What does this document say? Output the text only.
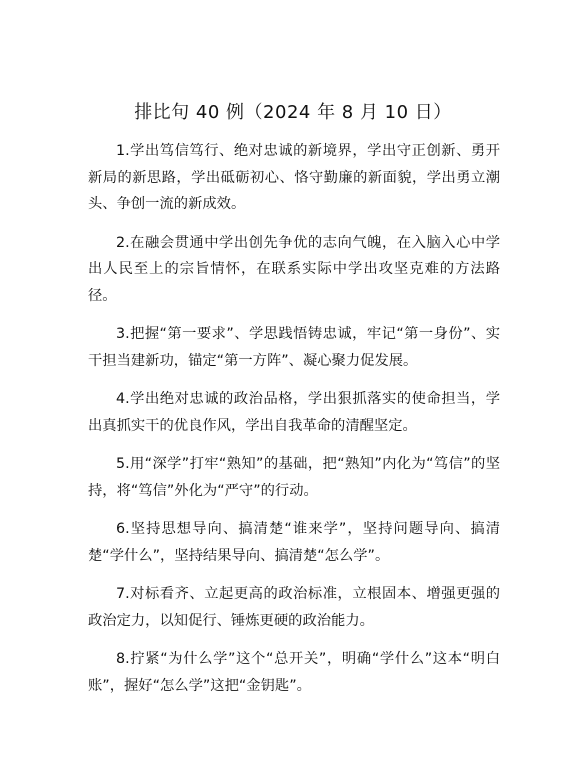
排比句 40 例（2024 年 8 月 10 日）

1.学出笃信笃行、绝对忠诚的新境界，学出守正创新、勇开新局的新思路，学出砥砺初心、恪守勤廉的新面貌，学出勇立潮头、争创一流的新成效。

2.在融会贯通中学出创先争优的志向气魄，在入脑入心中学出人民至上的宗旨情怀，在联系实际中学出攻坚克难的方法路径。

3.把握“第一要求”、学思践悟铸忠诚，牢记“第一身份”、实干担当建新功，锚定“第一方阵”、凝心聚力促发展。

4.学出绝对忠诚的政治品格，学出狠抓落实的使命担当，学出真抓实干的优良作风，学出自我革命的清醒坚定。

5.用“深学”打牢“熟知”的基础，把“熟知”内化为“笃信”的坚持，将“笃信”外化为“严守”的行动。

6.坚持思想导向、搞清楚“谁来学”，坚持问题导向、搞清楚“学什么”，坚持结果导向、搞清楚“怎么学”。

7.对标看齐、立起更高的政治标准，立根固本、增强更强的政治定力，以知促行、锤炼更硬的政治能力。

8.拧紧“为什么学”这个“总开关”，明确“学什么”这本“明白账”，握好“怎么学”这把“金钥匙”。
